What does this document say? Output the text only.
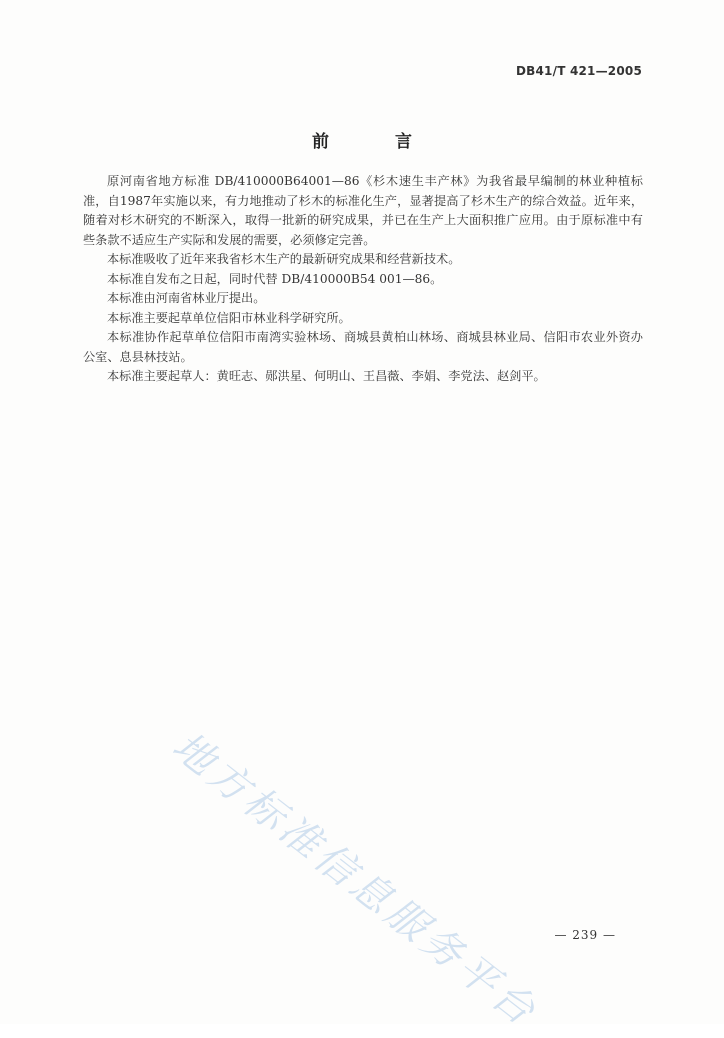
DB41/T 421—2005
前 言

原河南省地方标准 DB/410000B64001—86《杉木速生丰产林》为我省最早编制的林业种植标准，自1987年实施以来，有力地推动了杉木的标准化生产，显著提高了杉木生产的综合效益。近年来，随着对杉木研究的不断深入，取得一批新的研究成果，并已在生产上大面积推广应用。由于原标准中有些条款不适应生产实际和发展的需要，必须修定完善。

本标准吸收了近年来我省杉木生产的最新研究成果和经营新技术。

本标准自发布之日起，同时代替 DB/410000B54 001—86。

本标准由河南省林业厅提出。

本标准主要起草单位信阳市林业科学研究所。

本标准协作起草单位信阳市南湾实验林场、商城县黄柏山林场、商城县林业局、信阳市农业外资办公室、息县林技站。

本标准主要起草人：黄旺志、郧洪星、何明山、王昌薇、李娟、李党法、赵剑平。

地方标准信息服务平台 — 239 —
